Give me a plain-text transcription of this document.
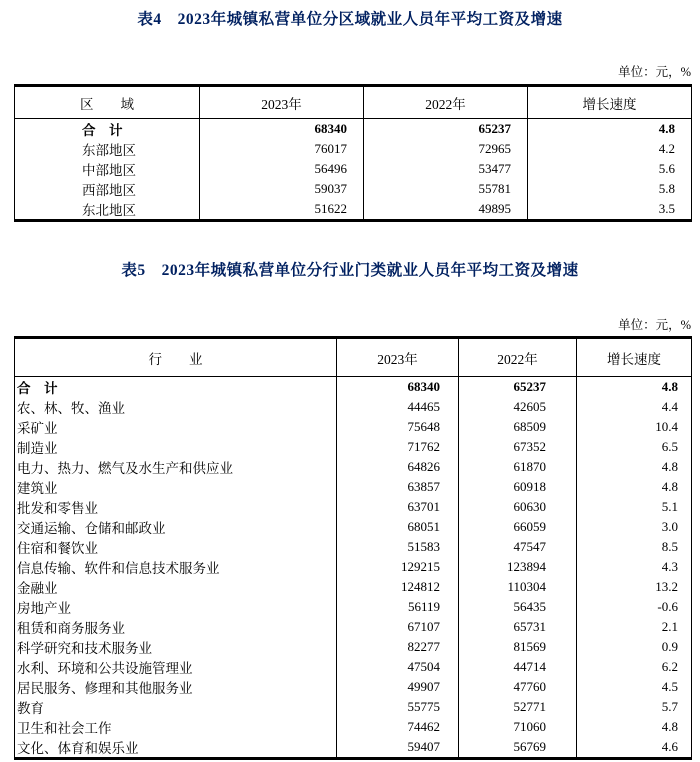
表4　2023年城镇私营单位分区域就业人员年平均工资及增速
单位：元，%
区　　域	2023年	2022年	增长速度
合　计	68340	65237	4.8
东部地区	76017	72965	4.2
中部地区	56496	53477	5.6
西部地区	59037	55781	5.8
东北地区	51622	49895	3.5
表5　2023年城镇私营单位分行业门类就业人员年平均工资及增速
单位：元，%
行　　业	2023年	2022年	增长速度
合　计	68340	65237	4.8
农、林、牧、渔业	44465	42605	4.4
采矿业	75648	68509	10.4
制造业	71762	67352	6.5
电力、热力、燃气及水生产和供应业	64826	61870	4.8
建筑业	63857	60918	4.8
批发和零售业	63701	60630	5.1
交通运输、仓储和邮政业	68051	66059	3.0
住宿和餐饮业	51583	47547	8.5
信息传输、软件和信息技术服务业	129215	123894	4.3
金融业	124812	110304	13.2
房地产业	56119	56435	-0.6
租赁和商务服务业	67107	65731	2.1
科学研究和技术服务业	82277	81569	0.9
水利、环境和公共设施管理业	47504	44714	6.2
居民服务、修理和其他服务业	49907	47760	4.5
教育	55775	52771	5.7
卫生和社会工作	74462	71060	4.8
文化、体育和娱乐业	59407	56769	4.6
